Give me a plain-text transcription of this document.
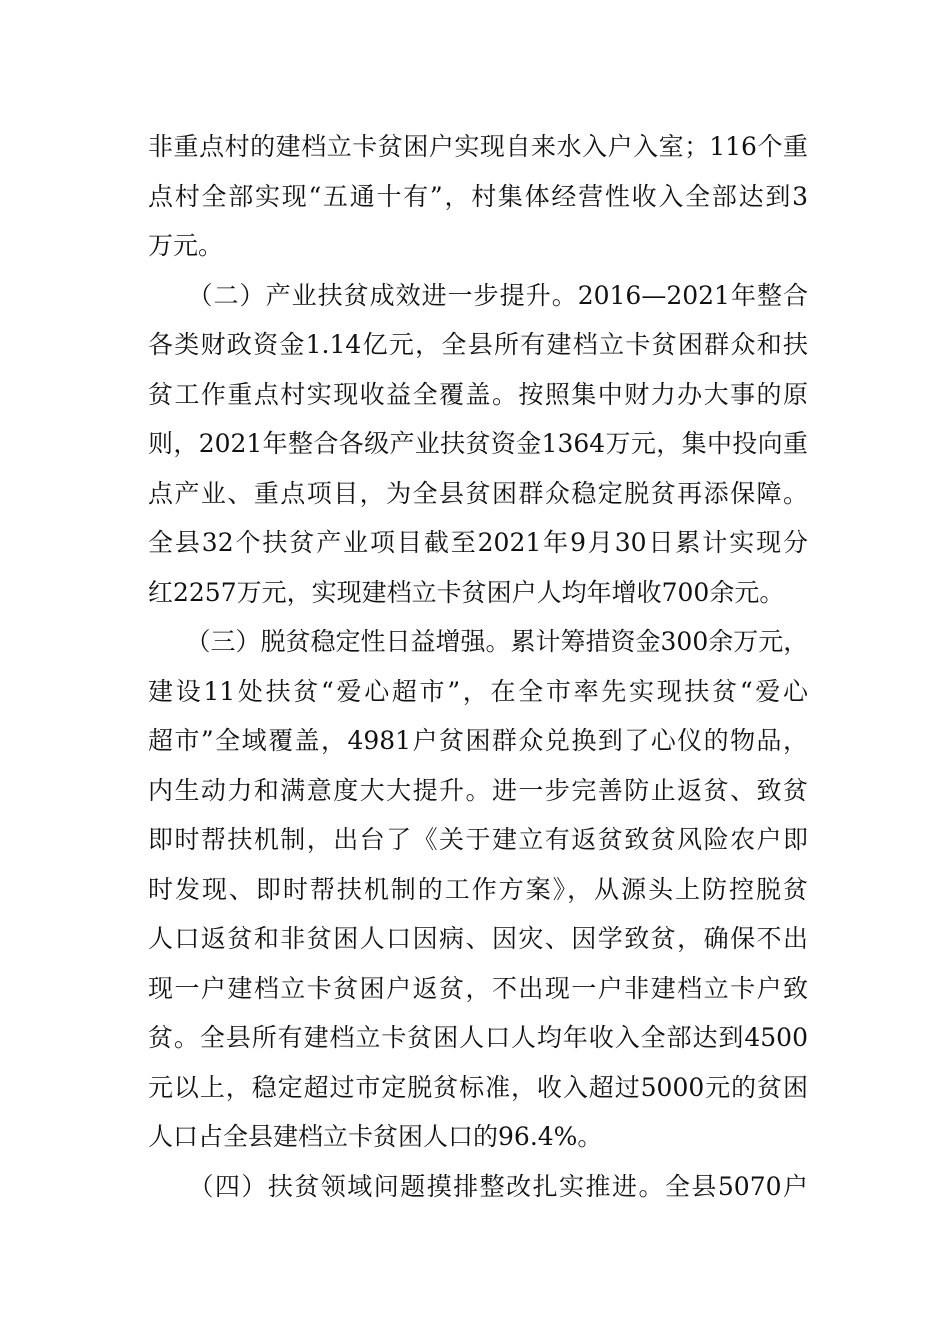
非重点村的建档立卡贫困户实现自来水入户入室；116个重
点村全部实现“五通十有”，村集体经营性收入全部达到3
万元。
　　（二）产业扶贫成效进一步提升。2016—2021年整合
各类财政资金1.14亿元，全县所有建档立卡贫困群众和扶
贫工作重点村实现收益全覆盖。按照集中财力办大事的原
则，2021年整合各级产业扶贫资金1364万元，集中投向重
点产业、重点项目，为全县贫困群众稳定脱贫再添保障。
全县32个扶贫产业项目截至2021年9月30日累计实现分
红2257万元，实现建档立卡贫困户人均年增收700余元。
　　（三）脱贫稳定性日益增强。累计筹措资金300余万元，
建设11处扶贫“爱心超市”，在全市率先实现扶贫“爱心
超市”全域覆盖，4981户贫困群众兑换到了心仪的物品，
内生动力和满意度大大提升。进一步完善防止返贫、致贫
即时帮扶机制，出台了《关于建立有返贫致贫风险农户即
时发现、即时帮扶机制的工作方案》，从源头上防控脱贫
人口返贫和非贫困人口因病、因灾、因学致贫，确保不出
现一户建档立卡贫困户返贫，不出现一户非建档立卡户致
贫。全县所有建档立卡贫困人口人均年收入全部达到4500
元以上，稳定超过市定脱贫标准，收入超过5000元的贫困
人口占全县建档立卡贫困人口的96.4%。
　　（四）扶贫领域问题摸排整改扎实推进。全县5070户
